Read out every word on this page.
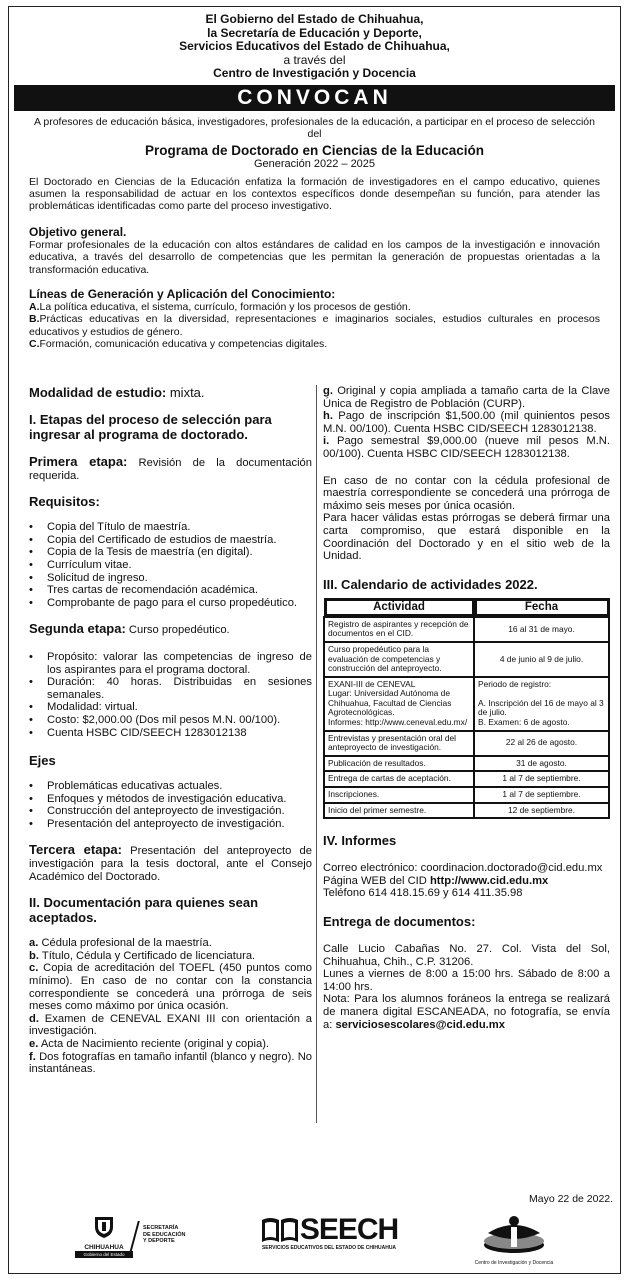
El Gobierno del Estado de Chihuahua,
la Secretaría de Educación y Deporte,
Servicios Educativos del Estado de Chihuahua,
a través del
Centro de Investigación y Docencia
CONVOCAN
A profesores de educación básica, investigadores, profesionales de la educación, a participar en el proceso de selección del
Programa de Doctorado en Ciencias de la Educación
Generación 2022 – 2025
El Doctorado en Ciencias de la Educación enfatiza la formación de investigadores en el campo educativo, quienes asumen la responsabilidad de actuar en los contextos específicos donde desempeñan su función, para atender las problemáticas identificadas como parte del proceso investigativo.
Objetivo general.
Formar profesionales de la educación con altos estándares de calidad en los campos de la investigación e innovación educativa, a través del desarrollo de competencias que les permitan la generación de propuestas orientadas a la transformación educativa.
Líneas de Generación y Aplicación del Conocimiento:
A.La política educativa, el sistema, currículo, formación y los procesos de gestión.
B.Prácticas educativas en la diversidad, representaciones e imaginarios sociales, estudios culturales en procesos educativos y estudios de género.
C.Formación, comunicación educativa y competencias digitales.
Modalidad de estudio: mixta.
I. Etapas del proceso de selección para ingresar al programa de doctorado.
Primera etapa: Revisión de la documentación requerida.
Requisitos:
• Copia del Título de maestría.
• Copia del Certificado de estudios de maestría.
• Copia de la Tesis de maestría (en digital).
• Currículum vitae.
• Solicitud de ingreso.
• Tres cartas de recomendación académica.
• Comprobante de pago para el curso propedéutico.
Segunda etapa: Curso propedéutico.
• Propósito: valorar las competencias de ingreso de los aspirantes para el programa doctoral.
• Duración: 40 horas. Distribuidas en sesiones semanales.
• Modalidad: virtual.
• Costo: $2,000.00 (Dos mil pesos M.N. 00/100).
• Cuenta HSBC CID/SEECH 1283012138
Ejes
• Problemáticas educativas actuales.
• Enfoques y métodos de investigación educativa.
• Construcción del anteproyecto de investigación.
• Presentación del anteproyecto de investigación.
Tercera etapa: Presentación del anteproyecto de investigación para la tesis doctoral, ante el Consejo Académico del Doctorado.
II. Documentación para quienes sean aceptados.
a. Cédula profesional de la maestría.
b. Título, Cédula y Certificado de licenciatura.
c. Copia de acreditación del TOEFL (450 puntos como mínimo). En caso de no contar con la constancia correspondiente se concederá una prórroga de seis meses como máximo por única ocasión.
d. Examen de CENEVAL EXANI III con orientación a investigación.
e. Acta de Nacimiento reciente (original y copia).
f. Dos fotografías en tamaño infantil (blanco y negro). No instantáneas.
g. Original y copia ampliada a tamaño carta de la Clave Única de Registro de Población (CURP).
h. Pago de inscripción $1,500.00 (mil quinientos pesos M.N. 00/100). Cuenta HSBC CID/SEECH 1283012138.
i. Pago semestral $9,000.00 (nueve mil pesos M.N. 00/100). Cuenta HSBC CID/SEECH 1283012138.
En caso de no contar con la cédula profesional de maestría correspondiente se concederá una prórroga de máximo seis meses por única ocasión.
Para hacer válidas estas prórrogas se deberá firmar una carta compromiso, que estará disponible en la Coordinación del Doctorado y en el sitio web de la Unidad.
III. Calendario de actividades 2022.
Actividad	Fecha

Registro de aspirantes y recepción de documentos en el CID.	16 al 31 de mayo.
Curso propedéutico para la evaluación de competencias y construcción del anteproyecto.	4 de junio al 9 de julio.
EXANI-III de CENEVAL
Lugar: Universidad Autónoma de Chihuahua, Facultad de Ciencias Agrotecnológicas.
Informes: http://www.ceneval.edu.mx/	Periodo de registro:

A. Inscripción del 16 de mayo al 3 de julio.
B. Examen: 6 de agosto.
Entrevistas y presentación oral del anteproyecto de investigación.	22 al 26 de agosto.
Publicación de resultados.	31 de agosto.
Entrega de cartas de aceptación.	1 al 7 de septiembre.
Inscripciones.	1 al 7 de septiembre.
Inicio del primer semestre.	12 de septiembre.
IV. Informes
Correo electrónico: coordinacion.doctorado@cid.edu.mx
Página WEB del CID http://www.cid.edu.mx
Teléfono 614 418.15.69 y 614 411.35.98
Entrega de documentos:
Calle Lucio Cabañas No. 27. Col. Vista del Sol, Chihuahua, Chih., C.P. 31206.
Lunes a viernes de 8:00 a 15:00 hrs. Sábado de 8:00 a 14:00 hrs.
Nota: Para los alumnos foráneos la entrega se realizará de manera digital ESCANEADA, no fotografía, se envía a: serviciosescolares@cid.edu.mx
Mayo 22 de 2022.
CHIHUAHUA
Gobierno del Estado
SECRETARÍA
DE EDUCACIÓN
Y DEPORTE	SEECH
SERVICIOS EDUCATIVOS DEL ESTADO DE CHIHUAHUA
Centro de Investigación y Docencia
